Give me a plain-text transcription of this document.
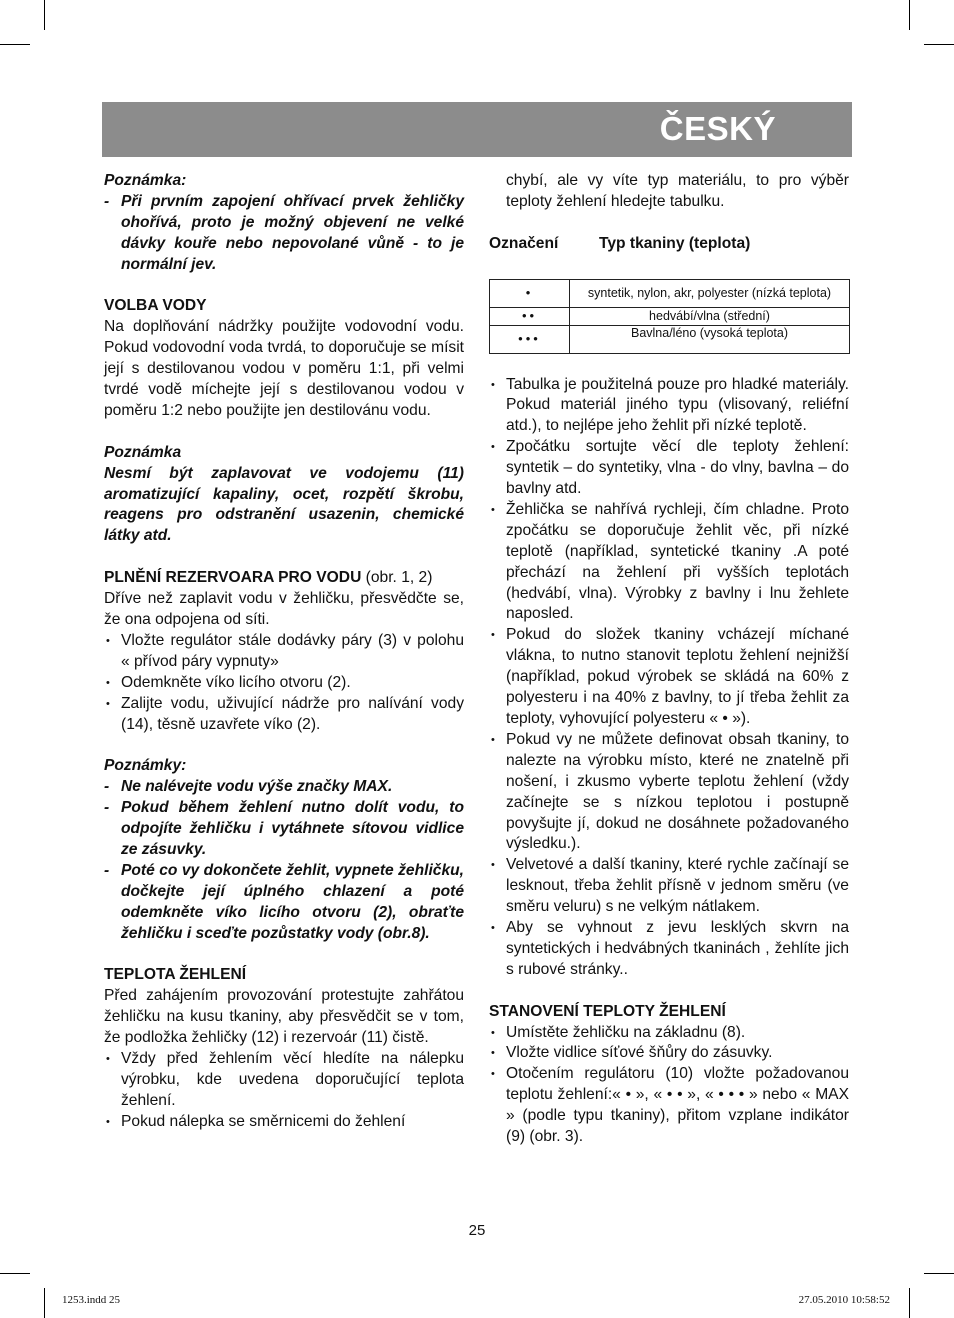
ČESKÝ

Poznámka:

- Při prvním zapojení ohřívací prvek žehličky ohořívá, proto je možný objevení ne velké dávky kouře nebo nepovolané vůně - to je normální jev.

VOLBA VODY

Na doplňování nádržky použijte vodovodní vodu. Pokud vodovodní voda tvrdá, to doporučuje se mísit její s destilovanou vodou v poměru 1:1, při velmi tvrdé vodě míchejte její s destilovanou vodou v poměru 1:2 nebo použijte jen destilovánu vodu.

Poznámka

Nesmí být zaplavovat ve vodojemu (11) aromatizující kapaliny, ocet, rozpětí škrobu, reagens pro odstranění usazenin, chemické látky atd.

PLNĚNÍ REZERVOARA PRO VODU (obr. 1, 2)

Dříve než zaplavit vodu v žehličku, přesvědčte se, že ona odpojena od síti.

• Vložte regulátor stále dodávky páry (3) v polohu « přívod páry vypnuty»
• Odemkněte víko licího otvoru (2).
• Zalijte vodu, uživující nádrže pro nalívání vody (14), těsně uzavřete víko (2).

Poznámky:

- Ne nalévejte vodu výše značky MAX.
- Pokud během žehlení nutno dolít vodu, to odpojíte žehličku i vytáhnete sítovou vidlice ze zásuvky.
- Poté co vy dokončete žehlit, vypnete žehličku, dočkejte její úplného chlazení a poté odemkněte víko licího otvoru (2), obraťte žehličku i sceďte pozůstatky vody (obr.8).

TEPLOTA ŽEHLENÍ

Před zahájením provozování protestujte zahřátou žehličku na kusu tkaniny, aby přesvědčit se v tom, že podložka žehličky (12) i rezervoár (11) čistě.

• Vždy před žehlením věcí hledíte na nálepku výrobku, kde uvedena doporučující teplota žehlení.
• Pokud nálepka se směrnicemi do žehlení

chybí, ale vy víte typ materiálu, to pro výběr teploty žehlení hledejte tabulku.

Označení	Typ tkaniny (teplota)
•	syntetik, nylon, akr, polyester (nízká teplota)
••	hedvábí/vlna (střední)
•••	Bavlna/léno (vysoká teplota)
• Tabulka je použitelná pouze pro hladké materiály. Pokud materiál jiného typu (vlisovaný, reliéfní atd.), to nejlépe jeho žehlit při nízké teplotě.
• Zpočátku sortujte věcí dle teploty žehlení: syntetik – do syntetiky, vlna - do vlny, bavlna – do bavlny atd.
• Žehlička se nahřívá rychleji, čím chladne. Proto zpočátku se doporučuje žehlit věc, při nízké teplotě (například, syntetické tkaniny .A poté přechází na žehlení při vyšších teplotách (hedvábí, vlna). Výrobky z bavlny i lnu žehlete naposled.
• Pokud do složek tkaniny vcházejí míchané vlákna, to nutno stanovit teplotu žehlení nejnižší (například, pokud výrobek se skládá na 60% z polyesteru i na 40% z bavlny, to jí třeba žehlit za teploty, vyhovující polyesteru « • »).
• Pokud vy ne můžete definovat obsah tkaniny, to nalezte na výrobku místo, které ne znatelně při nošení, i zkusmo vyberte teplotu žehlení (vždy začínejte se s nízkou teplotou i postupně povyšujte jí, dokud ne dosáhnete požadovaného výsledku.).
• Velvetové a další tkaniny, které rychle začínají se lesknout, třeba žehlit přísně v jednom směru (ve směru veluru) s ne velkým nátlakem.
• Aby se vyhnout z jevu lesklých skvrn na syntetických i hedvábných tkaninách , žehlíte jich s rubové stránky..

STANOVENÍ TEPLOTY ŽEHLENÍ

• Umístěte žehličku na základnu (8).
• Vložte vidlice síťové šňůry do zásuvky.
• Otočením regulátoru (10) vložte požadovanou teplotu žehlení:« • », « • • », « • • • » nebo « MAX » (podle typu tkaniny), přitom vzplane indikátor (9) (obr. 3).
25
1253.indd 25	27.05.2010 10:58:52
